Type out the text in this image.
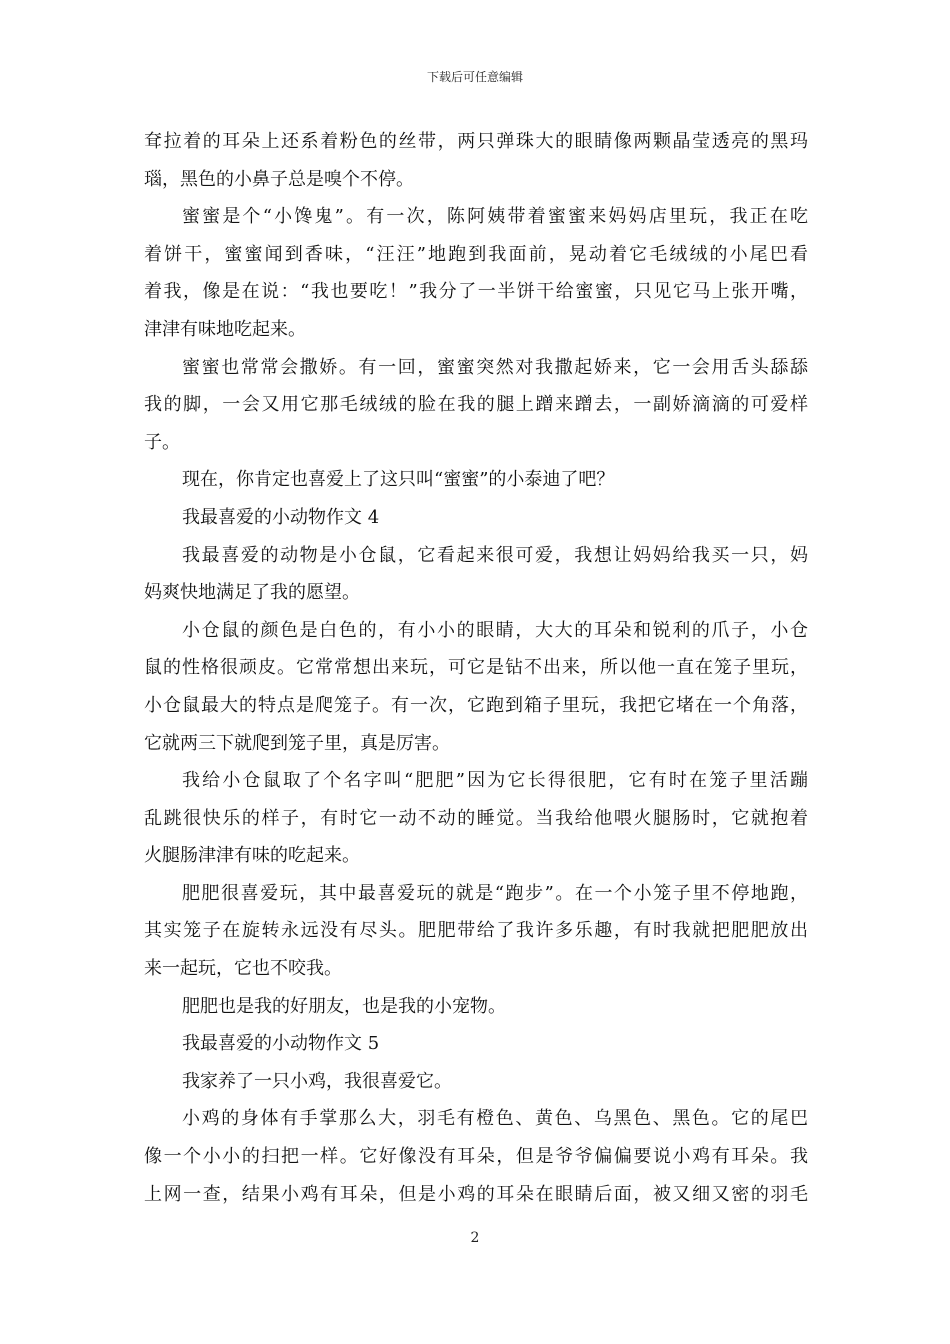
下载后可任意编辑
耷拉着的耳朵上还系着粉色的丝带，两只弹珠大的眼睛像两颗晶莹透亮的黑玛
瑙，黑色的小鼻子总是嗅个不停。
蜜蜜是个“小馋鬼”。有一次，陈阿姨带着蜜蜜来妈妈店里玩，我正在吃
着饼干，蜜蜜闻到香味，“汪汪”地跑到我面前，晃动着它毛绒绒的小尾巴看
着我，像是在说：“我也要吃！”我分了一半饼干给蜜蜜，只见它马上张开嘴，
津津有味地吃起来。
蜜蜜也常常会撒娇。有一回，蜜蜜突然对我撒起娇来，它一会用舌头舔舔
我的脚，一会又用它那毛绒绒的脸在我的腿上蹭来蹭去，一副娇滴滴的可爱样
子。
现在，你肯定也喜爱上了这只叫“蜜蜜”的小泰迪了吧？
我最喜爱的小动物作文 4
我最喜爱的动物是小仓鼠，它看起来很可爱，我想让妈妈给我买一只，妈
妈爽快地满足了我的愿望。
小仓鼠的颜色是白色的，有小小的眼睛，大大的耳朵和锐利的爪子，小仓
鼠的性格很顽皮。它常常想出来玩，可它是钻不出来，所以他一直在笼子里玩，
小仓鼠最大的特点是爬笼子。有一次，它跑到箱子里玩，我把它堵在一个角落，
它就两三下就爬到笼子里，真是厉害。
我给小仓鼠取了个名字叫“肥肥”因为它长得很肥，它有时在笼子里活蹦
乱跳很快乐的样子，有时它一动不动的睡觉。当我给他喂火腿肠时，它就抱着
火腿肠津津有味的吃起来。
肥肥很喜爱玩，其中最喜爱玩的就是“跑步”。在一个小笼子里不停地跑，
其实笼子在旋转永远没有尽头。肥肥带给了我许多乐趣，有时我就把肥肥放出
来一起玩，它也不咬我。
肥肥也是我的好朋友，也是我的小宠物。
我最喜爱的小动物作文 5
我家养了一只小鸡，我很喜爱它。
小鸡的身体有手掌那么大，羽毛有橙色、黄色、乌黑色、黑色。它的尾巴
像一个小小的扫把一样。它好像没有耳朵，但是爷爷偏偏要说小鸡有耳朵。我
上网一查，结果小鸡有耳朵，但是小鸡的耳朵在眼睛后面，被又细又密的羽毛
2
